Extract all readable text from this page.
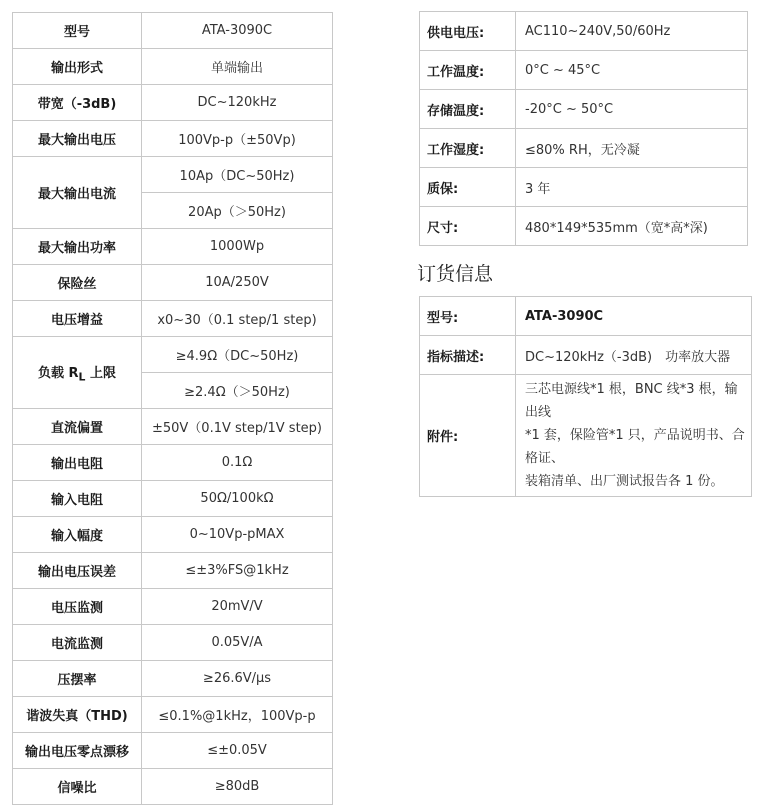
型号	ATA-3090C
输出形式	单端输出
带宽（-3dB)	DC~120kHz
最大输出电压	100Vp-p（±50Vp)
最大输出电流	10Ap（DC~50Hz)
	20Ap（＞50Hz)
最大输出功率	1000Wp
保险丝	10A/250V
电压增益	x0~30（0.1 step/1 step)
负载 $R_L$ 上限	≥4.9Ω（DC~50Hz)
	≥2.4Ω（＞50Hz)
直流偏置	±50V（0.1V step/1V step)
输出电阻	0.1Ω
输入电阻	50Ω/100kΩ
输入幅度	0~10Vp-pMAX
输出电压误差	≤±3%FS@1kHz
电压监测	20mV/V
电流监测	0.05V/A
压摆率	≥26.6V/μs
谐波失真（THD)	≤0.1%@1kHz，100Vp-p
输出电压零点漂移	≤±0.05V
信噪比	≥80dB
供电电压:	AC110~240V,50/60Hz
工作温度:	0°C ~ 45°C
存储温度:	-20°C ~ 50°C
工作湿度:	≤80% RH，无冷凝
质保:	3 年
尺寸:	480*149*535mm（宽*高*深)
订货信息
型号:	ATA-3090C
指标描述:	DC~120kHz（-3dB)　功率放大器
附件:	三芯电源线*1 根，BNC 线*3 根，输出线
*1 套，保险管*1 只，产品说明书、合格证、
装箱清单、出厂测试报告各 1 份。
